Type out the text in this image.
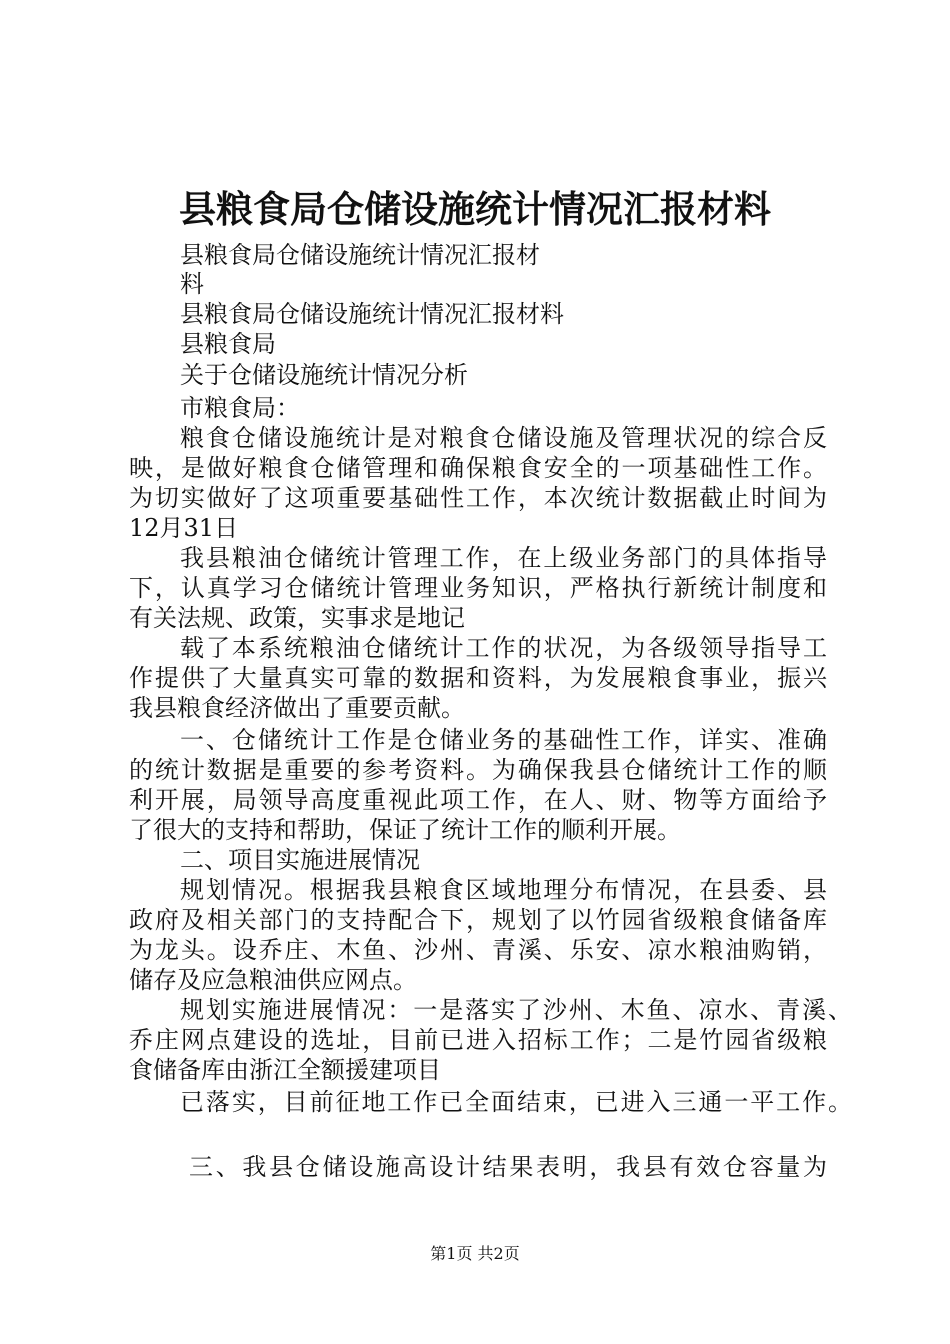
县粮食局仓储设施统计情况汇报材料
县粮食局仓储设施统计情况汇报材
料
县粮食局仓储设施统计情况汇报材料
县粮食局
关于仓储设施统计情况分析
市粮食局：
粮食仓储设施统计是对粮食仓储设施及管理状况的综合反
映，是做好粮食仓储管理和确保粮食安全的一项基础性工作。
为切实做好了这项重要基础性工作，本次统计数据截止时间为
12月31日
我县粮油仓储统计管理工作，在上级业务部门的具体指导
下，认真学习仓储统计管理业务知识，严格执行新统计制度和
有关法规、政策，实事求是地记
载了本系统粮油仓储统计工作的状况，为各级领导指导工
作提供了大量真实可靠的数据和资料，为发展粮食事业，振兴
我县粮食经济做出了重要贡献。
一、仓储统计工作是仓储业务的基础性工作，详实、准确
的统计数据是重要的参考资料。为确保我县仓储统计工作的顺
利开展，局领导高度重视此项工作，在人、财、物等方面给予
了很大的支持和帮助，保证了统计工作的顺利开展。
二、项目实施进展情况
规划情况。根据我县粮食区域地理分布情况，在县委、县
政府及相关部门的支持配合下，规划了以竹园省级粮食储备库
为龙头。设乔庄、木鱼、沙州、青溪、乐安、凉水粮油购销，
储存及应急粮油供应网点。
规划实施进展情况：一是落实了沙州、木鱼、凉水、青溪、
乔庄网点建设的选址，目前已进入招标工作；二是竹园省级粮
食储备库由浙江全额援建项目
已落实，目前征地工作已全面结束，已进入三通一平工作。
三、我县仓储设施高设计结果表明，我县有效仓容量为
第1页 共2页
